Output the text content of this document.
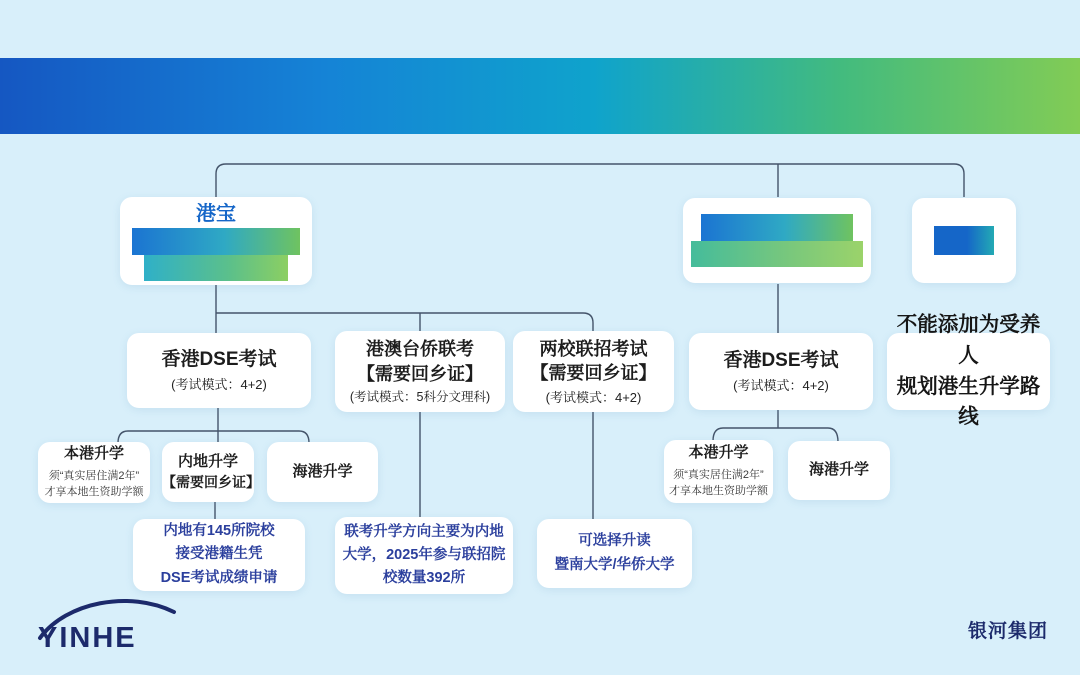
港宝
香港DSE考试
(考试模式：4+2)
港澳台侨联考
【需要回乡证】
(考试模式：5科分文理科)
两校联招考试
【需要回乡证】
(考试模式：4+2)
香港DSE考试
(考试模式：4+2)
不能添加为受养人
规划港生升学路线
本港升学
须“真实居住满2年”
才享本地生资助学额
内地升学
【需要回乡证】
海港升学
本港升学
须“真实居住满2年”
才享本地生资助学额
海港升学
内地有145所院校
接受港籍生凭
DSE考试成绩申请
联考升学方向主要为内地
大学，2025年参与联招院
校数量392所
可选择升读
暨南大学/华侨大学
YINHE	银河集团
